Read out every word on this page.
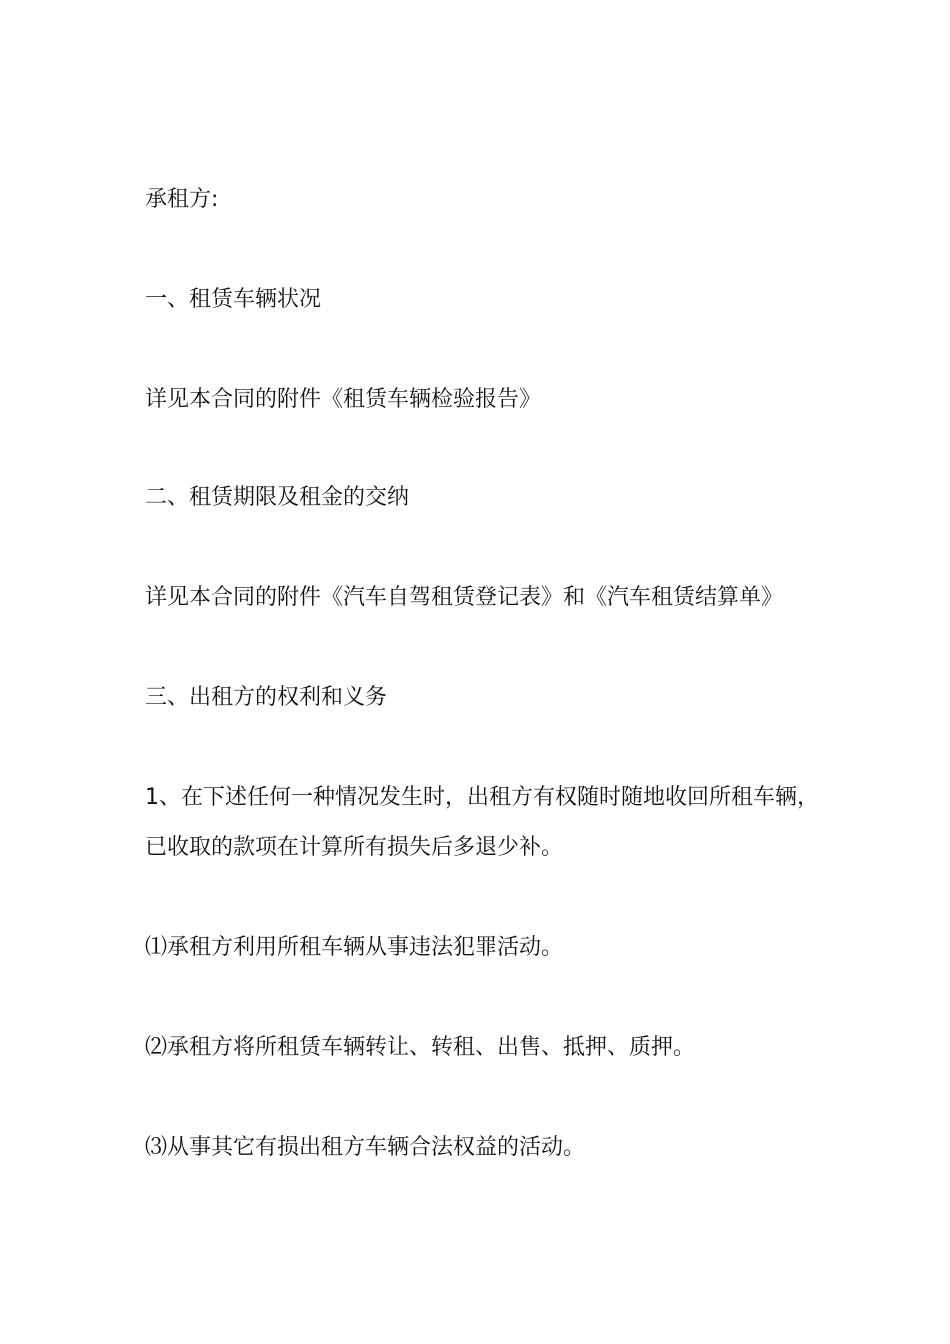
承租方:
一、租赁车辆状况
详见本合同的附件《租赁车辆检验报告》
二、租赁期限及租金的交纳
详见本合同的附件《汽车自驾租赁登记表》和《汽车租赁结算单》
三、出租方的权利和义务
1、在下述任何一种情况发生时，出租方有权随时随地收回所租车辆，
已收取的款项在计算所有损失后多退少补。
⑴承租方利用所租车辆从事违法犯罪活动。
⑵承租方将所租赁车辆转让、转租、出售、抵押、质押。
⑶从事其它有损出租方车辆合法权益的活动。
